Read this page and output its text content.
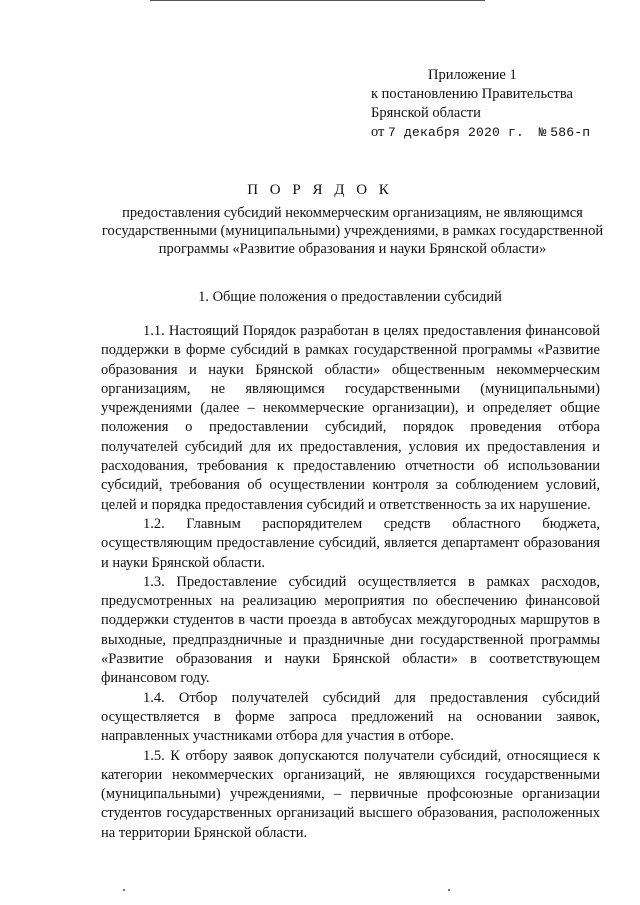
Приложение 1
к постановлению Правительства
Брянской области
от 7 декабря 2020 г. № 586-п
П О Р Я Д О К
предоставления субсидий некоммерческим организациям, не являющимся государственными (муниципальными) учреждениями, в рамках государственной программы «Развитие образования и науки Брянской области»
1. Общие положения о предоставлении субсидий

1.1. Настоящий Порядок разработан в целях предоставления финансовой поддержки в форме субсидий в рамках государственной программы «Развитие образования и науки Брянской области» общественным некоммерческим организациям, не являющимся государственными (муниципальными) учреждениями (далее – некоммерческие организации), и определяет общие положения о предоставлении субсидий, порядок проведения отбора получателей субсидий для их предоставления, условия их предоставления и расходования, требования к предоставлению отчетности об использовании субсидий, требования об осуществлении контроля за соблюдением условий, целей и порядка предоставления субсидий и ответственность за их нарушение.

1.2. Главным распорядителем средств областного бюджета, осуществляющим предоставление субсидий, является департамент образования и науки Брянской области.

1.3. Предоставление субсидий осуществляется в рамках расходов, предусмотренных на реализацию мероприятия по обеспечению финансовой поддержки студентов в части проезда в автобусах междугородных маршрутов в выходные, предпраздничные и праздничные дни государственной программы «Развитие образования и науки Брянской области» в соответствующем финансовом году.

1.4. Отбор получателей субсидий для предоставления субсидий осуществляется в форме запроса предложений на основании заявок, направленных участниками отбора для участия в отборе.

1.5. К отбору заявок допускаются получатели субсидий, относящиеся к категории некоммерческих организаций, не являющихся государственными (муниципальными) учреждениями, – первичные профсоюзные организации студентов государственных организаций высшего образования, расположенных на территории Брянской области.
